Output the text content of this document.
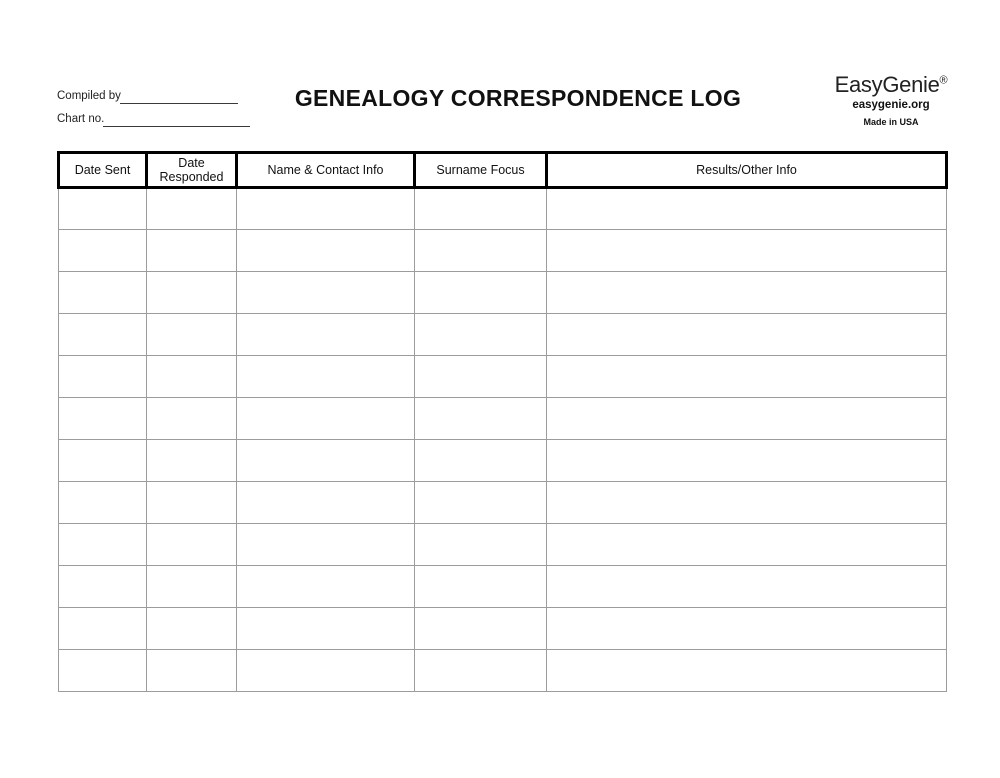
Compiled by
Chart no.
GENEALOGY CORRESPONDENCE LOG
EasyGenie®
easygenie.org
Made in USA
Date Sent	Date Responded	Name & Contact Info	Surname Focus	Results/Other Info
